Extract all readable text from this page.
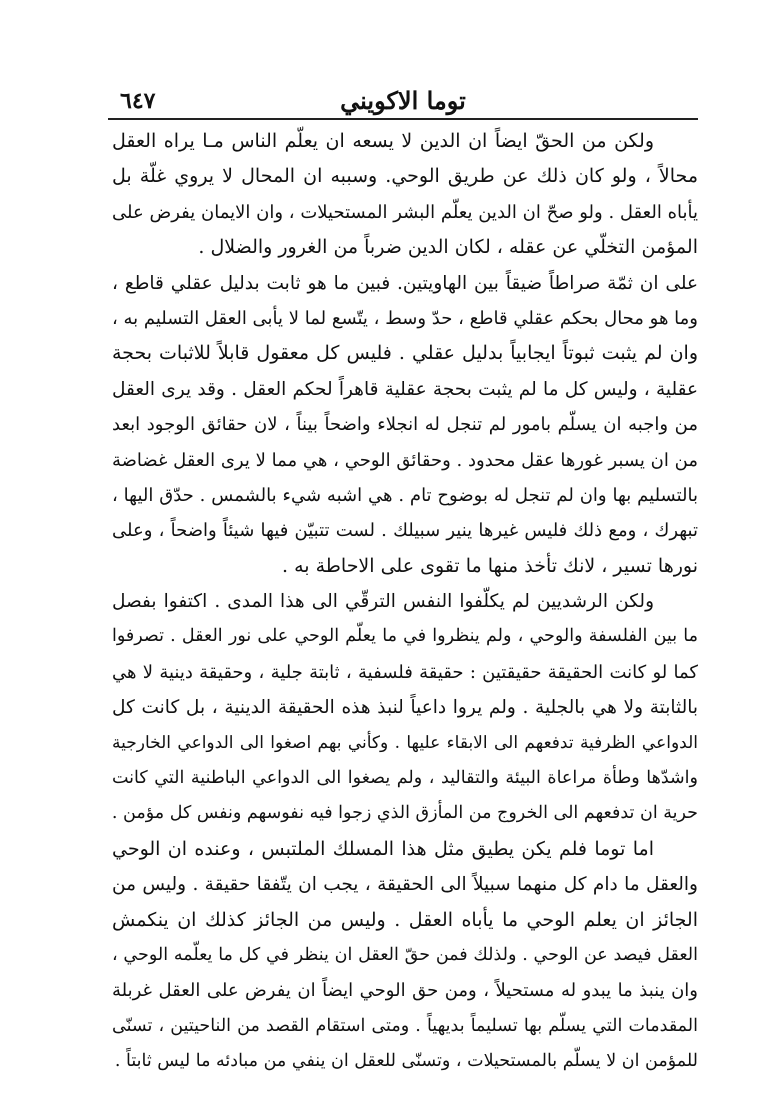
توما الاكويني
٦٤٧
ولكن من الحقّ ايضاً ان الدين لا يسعه ان يعلّم الناس مـا يراه العقل
محالاً ، ولو كان ذلك عن طريق الوحي. وسببه ان المحال لا يروي غلّة بل
يأباه العقل . ولو صحّ ان الدين يعلّم البشر المستحيلات ، وان الايمان يفرض على
المؤمن التخلّي عن عقله ، لكان الدين ضرباً من الغرور والضلال .
على ان ثمّة صراطاً ضيقاً بين الهاويتين. فبين ما هو ثابت بدليل عقلي قاطع ،
وما هو محال بحكم عقلي قاطع ، حدّ وسط ، يتّسع لما لا يأبى العقل التسليم به ،
وان لم يثبت ثبوتاً ايجابياً بدليل عقلي . فليس كل معقول قابلاً للاثبات بحجة
عقلية ، وليس كل ما لم يثبت بحجة عقلية قاهراً لحكم العقل . وقد يرى العقل
من واجبه ان يسلّم بامور لم تنجل له انجلاء واضحاً بيناً ، لان حقائق الوجود ابعد
من ان يسبر غورها عقل محدود . وحقائق الوحي ، هي مما لا يرى العقل غضاضة
بالتسليم بها وان لم تنجل له بوضوح تام . هي اشبه شيء بالشمس . حدّق اليها ،
تبهرك ، ومع ذلك فليس غيرها ينير سبيلك . لست تتبيّن فيها شيئاً واضحاً ، وعلى
نورها تسير ، لانك تأخذ منها ما تقوى على الاحاطة به .
ولكن الرشديين لم يكلّفوا النفس الترقّي الى هذا المدى . اكتفوا بفصل
ما بين الفلسفة والوحي ، ولم ينظروا في ما يعلّم الوحي على نور العقل . تصرفوا
كما لو كانت الحقيقة حقيقتين : حقيقة فلسفية ، ثابتة جلية ، وحقيقة دينية لا هي
بالثابتة ولا هي بالجلية . ولم يروا داعياً لنبذ هذه الحقيقة الدينية ، بل كانت كل
الدواعي الظرفية تدفعهم الى الابقاء عليها . وكأني بهم اصغوا الى الدواعي الخارجية
واشدّها وطأة مراعاة البيئة والتقاليد ، ولم يصغوا الى الدواعي الباطنية التي كانت
حرية ان تدفعهم الى الخروج من المأزق الذي زجوا فيه نفوسهم ونفس كل مؤمن .
اما توما فلم يكن يطيق مثل هذا المسلك الملتبس ، وعنده ان الوحي
والعقل ما دام كل منهما سبيلاً الى الحقيقة ، يجب ان يتّفقا حقيقة . وليس من
الجائز ان يعلم الوحي ما يأباه العقل . وليس من الجائز كذلك ان ينكمش
العقل فيصد عن الوحي . ولذلك فمن حقّ العقل ان ينظر في كل ما يعلّمه الوحي ،
وان ينبذ ما يبدو له مستحيلاً ، ومن حق الوحي ايضاً ان يفرض على العقل غربلة
المقدمات التي يسلّم بها تسليماً بديهياً . ومتى استقام القصد من الناحيتين ، تسنّى
للمؤمن ان لا يسلّم بالمستحيلات ، وتسنّى للعقل ان ينفي من مبادئه ما ليس ثابتاً .
